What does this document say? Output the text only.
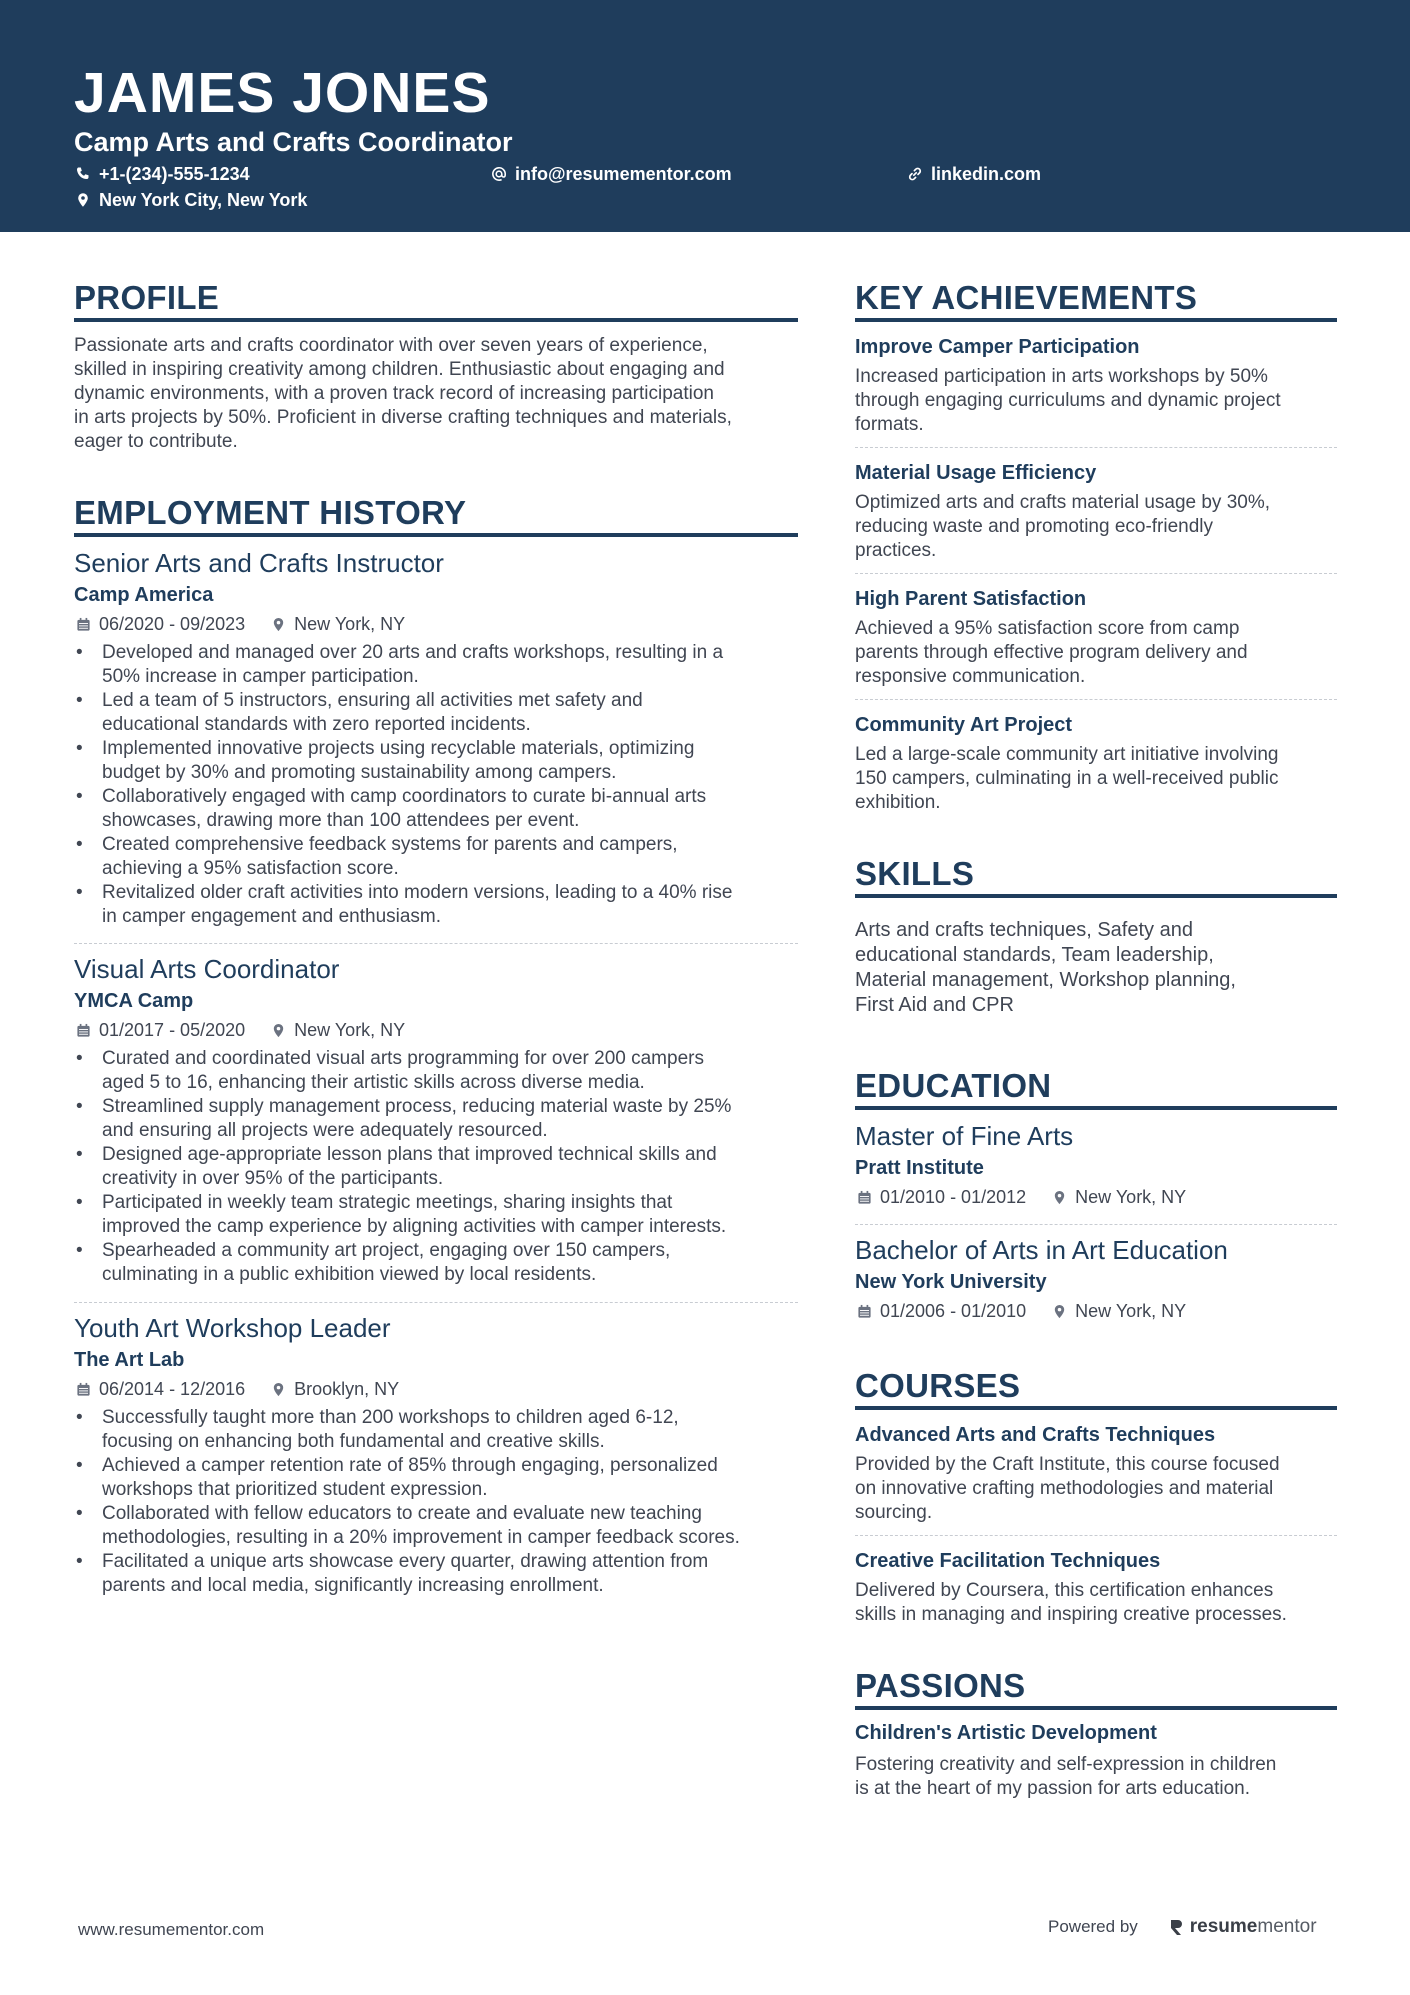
JAMES JONES
Camp Arts and Crafts Coordinator
+1-(234)-555-1234	info@resumementor.com	linkedin.com
New York City, New York
PROFILE
Passionate arts and crafts coordinator with over seven years of experience,
skilled in inspiring creativity among children. Enthusiastic about engaging and
dynamic environments, with a proven track record of increasing participation
in arts projects by 50%. Proficient in diverse crafting techniques and materials,
eager to contribute.
EMPLOYMENT HISTORY
Senior Arts and Crafts Instructor
Camp America
06/2020 - 09/2023	New York, NY
• Developed and managed over 20 arts and crafts workshops, resulting in a
50% increase in camper participation.
• Led a team of 5 instructors, ensuring all activities met safety and
educational standards with zero reported incidents.
• Implemented innovative projects using recyclable materials, optimizing
budget by 30% and promoting sustainability among campers.
• Collaboratively engaged with camp coordinators to curate bi-annual arts
showcases, drawing more than 100 attendees per event.
• Created comprehensive feedback systems for parents and campers,
achieving a 95% satisfaction score.
• Revitalized older craft activities into modern versions, leading to a 40% rise
in camper engagement and enthusiasm.
Visual Arts Coordinator
YMCA Camp
01/2017 - 05/2020	New York, NY
• Curated and coordinated visual arts programming for over 200 campers
aged 5 to 16, enhancing their artistic skills across diverse media.
• Streamlined supply management process, reducing material waste by 25%
and ensuring all projects were adequately resourced.
• Designed age-appropriate lesson plans that improved technical skills and
creativity in over 95% of the participants.
• Participated in weekly team strategic meetings, sharing insights that
improved the camp experience by aligning activities with camper interests.
• Spearheaded a community art project, engaging over 150 campers,
culminating in a public exhibition viewed by local residents.
Youth Art Workshop Leader
The Art Lab
06/2014 - 12/2016	Brooklyn, NY
• Successfully taught more than 200 workshops to children aged 6-12,
focusing on enhancing both fundamental and creative skills.
• Achieved a camper retention rate of 85% through engaging, personalized
workshops that prioritized student expression.
• Collaborated with fellow educators to create and evaluate new teaching
methodologies, resulting in a 20% improvement in camper feedback scores.
• Facilitated a unique arts showcase every quarter, drawing attention from
parents and local media, significantly increasing enrollment.
KEY ACHIEVEMENTS
Improve Camper Participation
Increased participation in arts workshops by 50%
through engaging curriculums and dynamic project
formats.
Material Usage Efficiency
Optimized arts and crafts material usage by 30%,
reducing waste and promoting eco-friendly
practices.
High Parent Satisfaction
Achieved a 95% satisfaction score from camp
parents through effective program delivery and
responsive communication.
Community Art Project
Led a large-scale community art initiative involving
150 campers, culminating in a well-received public
exhibition.
SKILLS
Arts and crafts techniques, Safety and
educational standards, Team leadership,
Material management, Workshop planning,
First Aid and CPR
EDUCATION
Master of Fine Arts
Pratt Institute
01/2010 - 01/2012	New York, NY
Bachelor of Arts in Art Education
New York University
01/2006 - 01/2010	New York, NY
COURSES
Advanced Arts and Crafts Techniques
Provided by the Craft Institute, this course focused
on innovative crafting methodologies and material
sourcing.
Creative Facilitation Techniques
Delivered by Coursera, this certification enhances
skills in managing and inspiring creative processes.
PASSIONS
Children's Artistic Development
Fostering creativity and self-expression in children
is at the heart of my passion for arts education.
www.resumementor.com	Powered by	resume mentor
